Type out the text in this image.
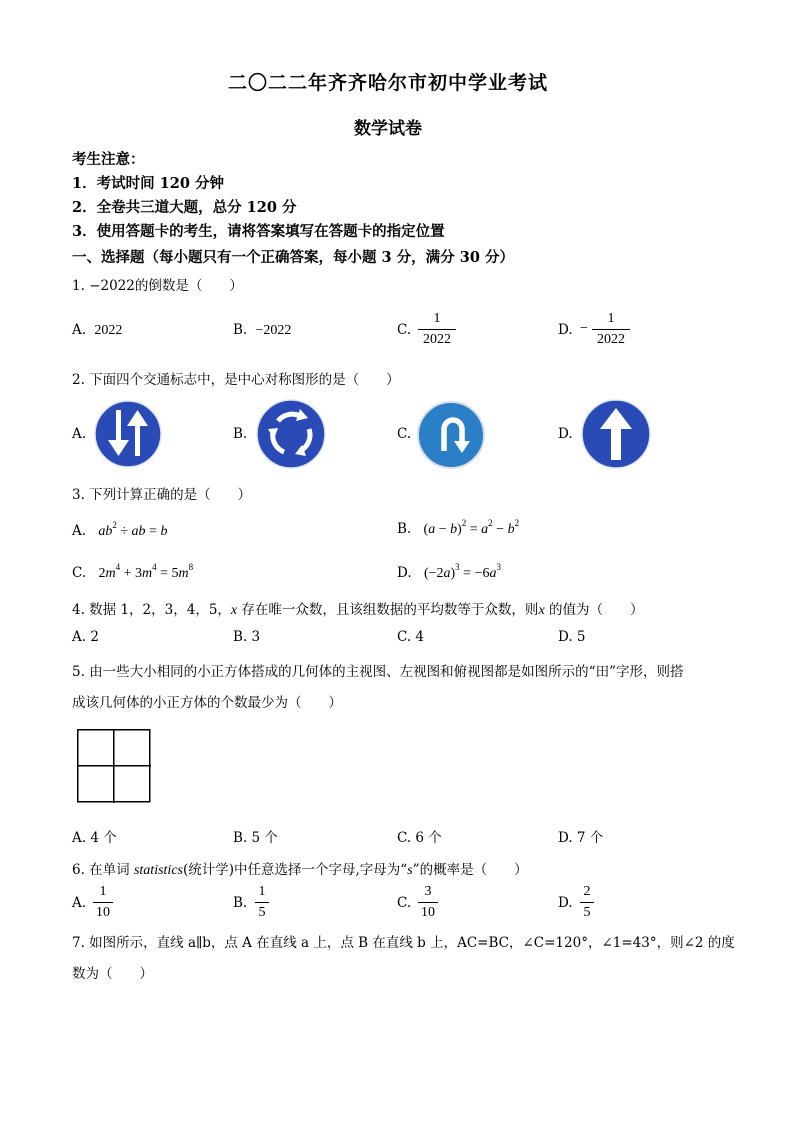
二〇二二年齐齐哈尔市初中学业考试
数学试卷
考生注意：
1．考试时间 120 分钟
2．全卷共三道大题，总分 120 分
3．使用答题卡的考生，请将答案填写在答题卡的指定位置
一、选择题（每小题只有一个正确答案，每小题 3 分，满分 30 分）
1. −2022的倒数是（　　）
A. 2022	B. −2022	C.
1
2022
D. −
1
2022
2. 下面四个交通标志中，是中心对称图形的是（　　）
A.	B.	C.	D.
3. 下列计算正确的是（　　）
A. $ab^2$ ÷ ab = b	B. $(a - b)^2 = a^2 - b^2$
C. $2m^4 + 3m^4 = 5m^8$	D. $(-2a)^3 = -6a^3$
4. 数据 1，2，3，4，5，x 存在唯一众数，且该组数据的平均数等于众数，则x 的值为（　　）
A. 2	B. 3	C. 4	D. 5
5. 由一些大小相同的小正方体搭成的几何体的主视图、左视图和俯视图都是如图所示的“田”字形，则搭
成该几何体的小正方体的个数最少为（　　）
A. 4 个	B. 5 个	C. 6 个	D. 7 个
6. 在单词 statistics(统计学)中任意选择一个字母,字母为“s”的概率是（　　）
A.
1
10
B.
1
5
C.
3
10
D.
2
5
7. 如图所示，直线 a∥b，点 A 在直线 a 上，点 B 在直线 b 上，AC=BC，∠C=120°，∠1=43°，则∠2 的度
数为（　　）
